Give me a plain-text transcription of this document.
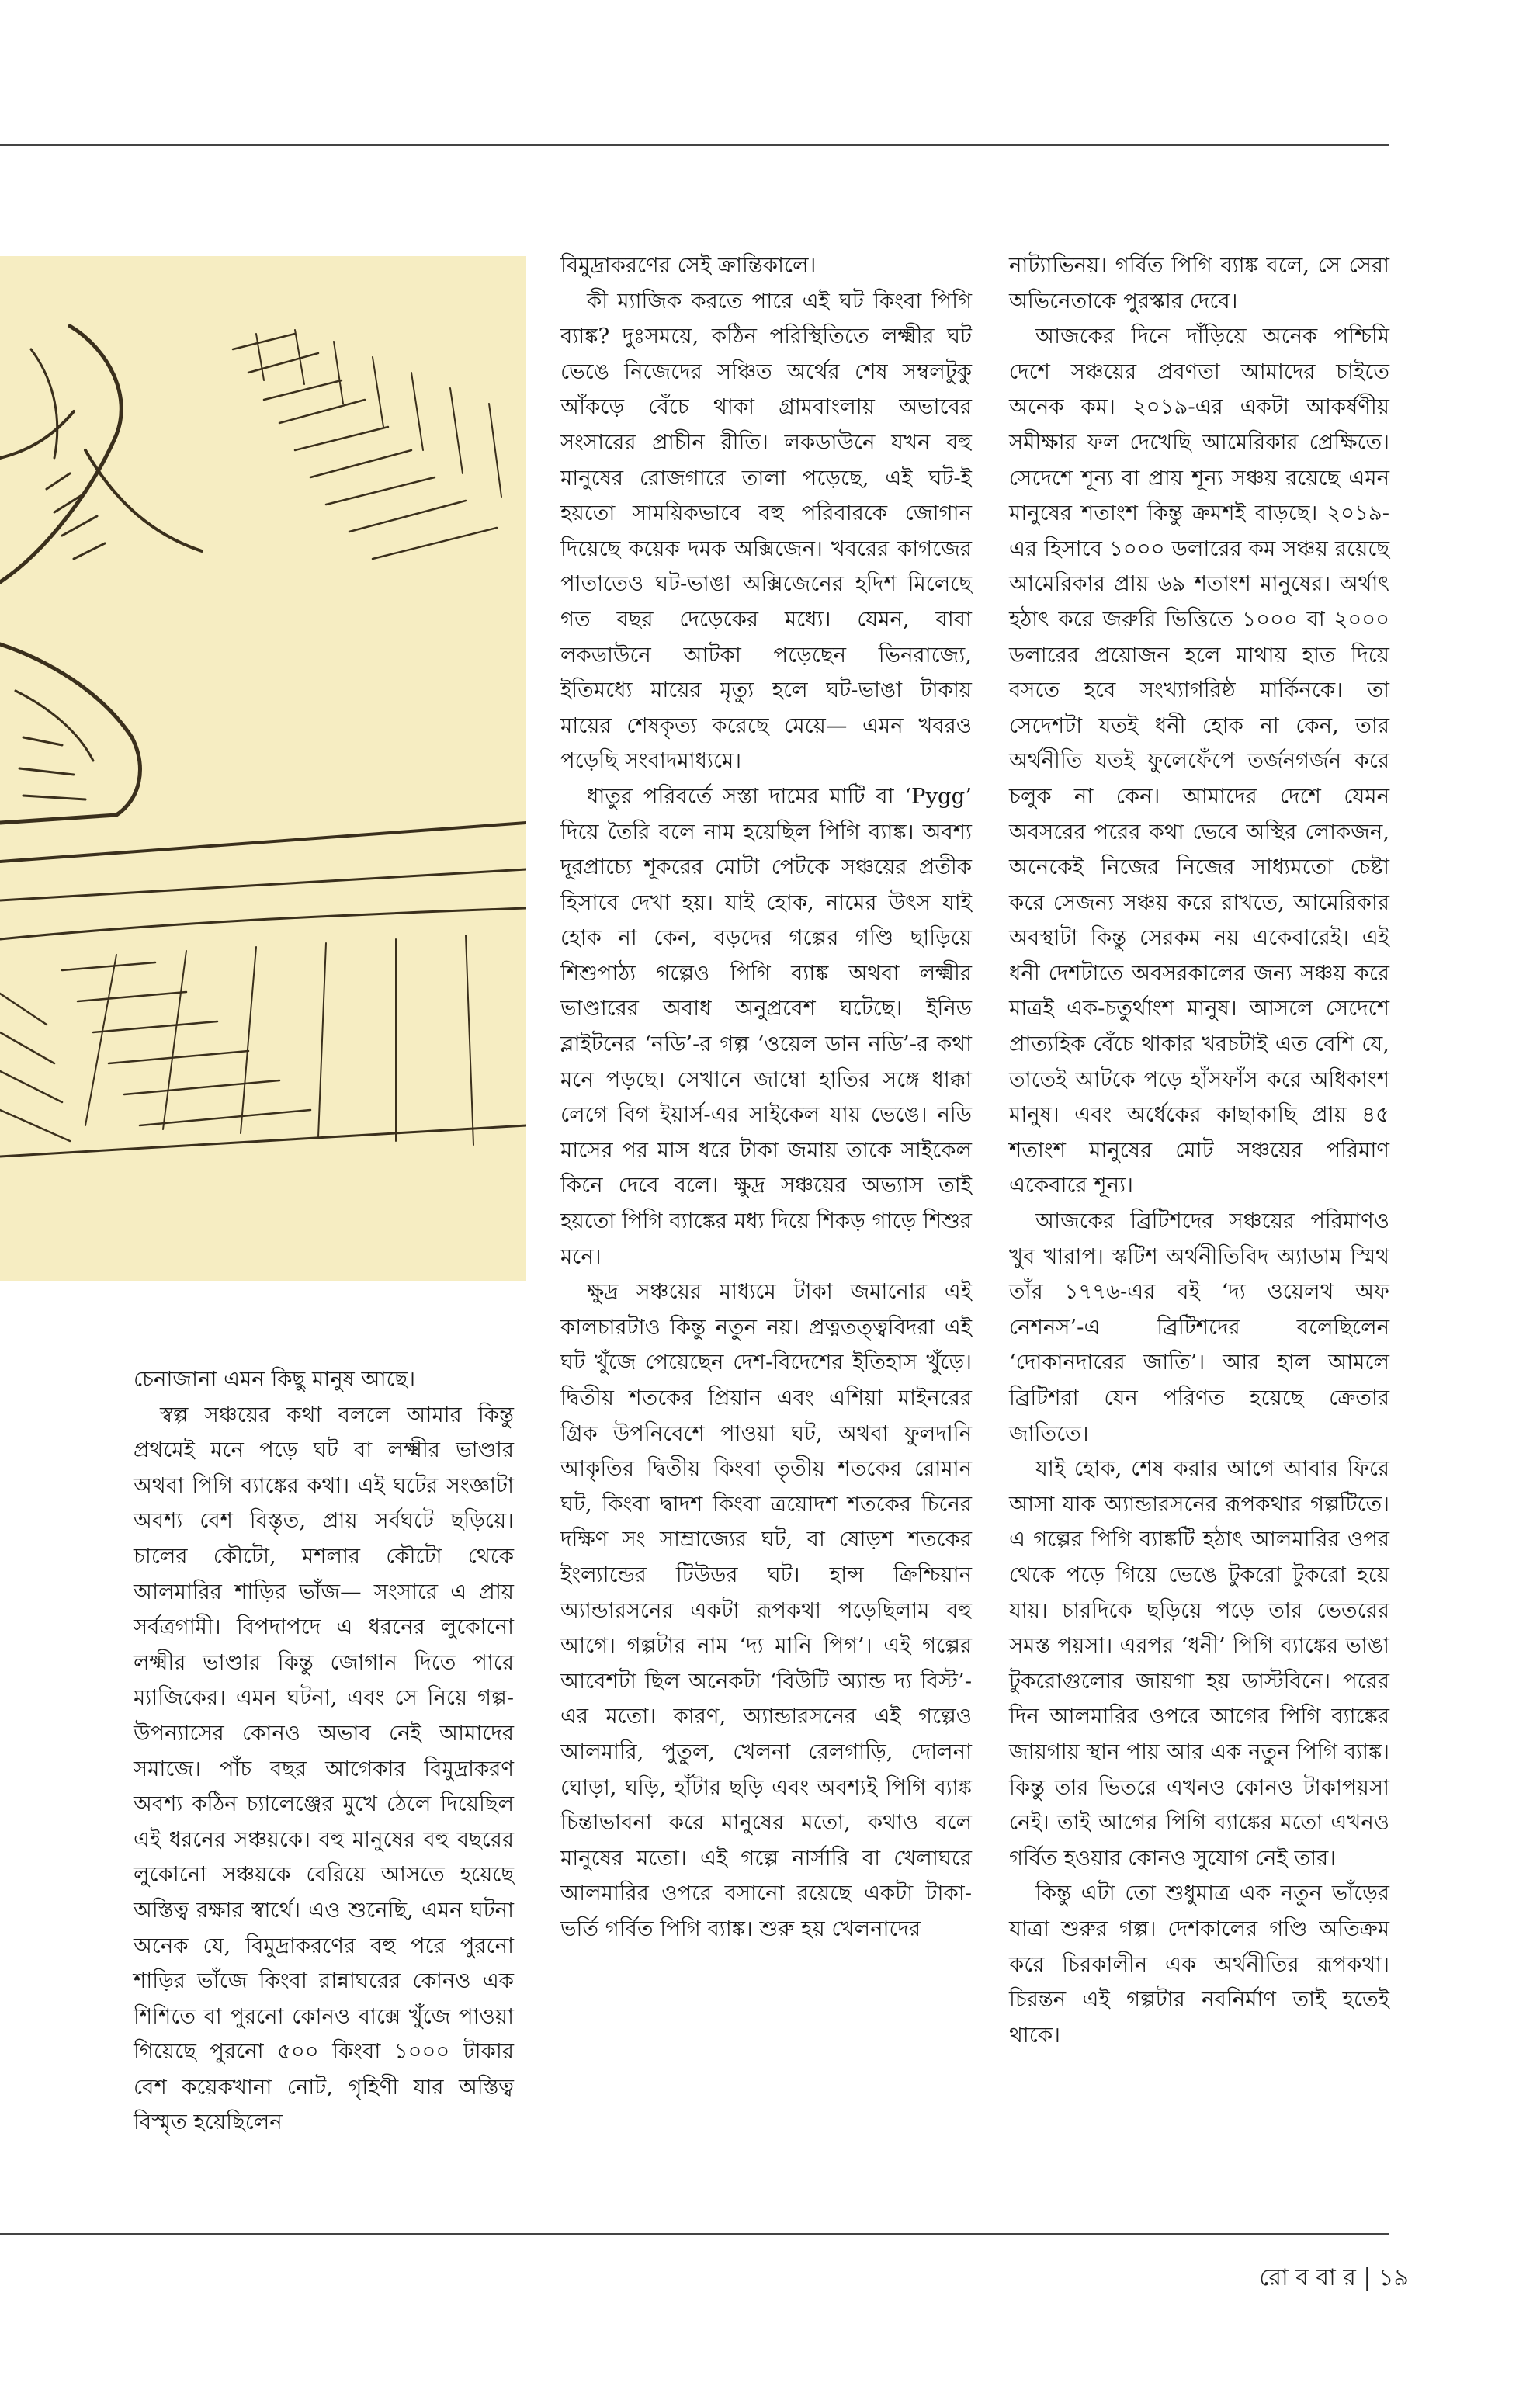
চেনাজানা এমন কিছু মানুষ আছে।

স্বল্প সঞ্চয়ের কথা বললে আমার কিন্তু প্রথমেই মনে পড়ে ঘট বা লক্ষ্মীর ভাণ্ডার অথবা পিগি ব্যাঙ্কের কথা। এই ঘটের সংজ্ঞাটা অবশ্য বেশ বিস্তৃত, প্রায় সর্বঘটে ছড়িয়ে। চালের কৌটো, মশলার কৌটো থেকে আলমারির শাড়ির ভাঁজ— সংসারে এ প্রায় সর্বত্রগামী। বিপদাপদে এ ধরনের লুকোনো লক্ষ্মীর ভাণ্ডার কিন্তু জোগান দিতে পারে ম্যাজিকের। এমন ঘটনা, এবং সে নিয়ে গল্প-উপন্যাসের কোনও অভাব নেই আমাদের সমাজে। পাঁচ বছর আগেকার বিমুদ্রাকরণ অবশ্য কঠিন চ্যালেঞ্জের মুখে ঠেলে দিয়েছিল এই ধরনের সঞ্চয়কে। বহু মানুষের বহু বছরের লুকোনো সঞ্চয়কে বেরিয়ে আসতে হয়েছে অস্তিত্ব রক্ষার স্বার্থে। এও শুনেছি, এমন ঘটনা অনেক যে, বিমুদ্রাকরণের বহু পরে পুরনো শাড়ির ভাঁজে কিংবা রান্নাঘরের কোনও এক শিশিতে বা পুরনো কোনও বাক্সে খুঁজে পাওয়া গিয়েছে পুরনো ৫০০ কিংবা ১০০০ টাকার বেশ কয়েকখানা নোট, গৃহিণী যার অস্তিত্ব বিস্মৃত হয়েছিলেন

বিমুদ্রাকরণের সেই ক্রান্তিকালে।

কী ম্যাজিক করতে পারে এই ঘট কিংবা পিগি ব্যাঙ্ক? দুঃসময়ে, কঠিন পরিস্থিতিতে লক্ষ্মীর ঘট ভেঙে নিজেদের সঞ্চিত অর্থের শেষ সম্বলটুকু আঁকড়ে বেঁচে থাকা গ্রামবাংলায় অভাবের সংসারের প্রাচীন রীতি। লকডাউনে যখন বহু মানুষের রোজগারে তালা পড়েছে, এই ঘট-ই হয়তো সাময়িকভাবে বহু পরিবারকে জোগান দিয়েছে কয়েক দমক অক্সিজেন। খবরের কাগজের পাতাতেও ঘট-ভাঙা অক্সিজেনের হদিশ মিলেছে গত বছর দেড়েকের মধ্যে। যেমন, বাবা লকডাউনে আটকা পড়েছেন ভিনরাজ্যে, ইতিমধ্যে মায়ের মৃত্যু হলে ঘট-ভাঙা টাকায় মায়ের শেষকৃত্য করেছে মেয়ে— এমন খবরও পড়েছি সংবাদমাধ্যমে।

ধাতুর পরিবর্তে সস্তা দামের মাটি বা ‘Pygg’ দিয়ে তৈরি বলে নাম হয়েছিল পিগি ব্যাঙ্ক। অবশ্য দূরপ্রাচ্যে শূকরের মোটা পেটকে সঞ্চয়ের প্রতীক হিসাবে দেখা হয়। যাই হোক, নামের উৎস যাই হোক না কেন, বড়দের গল্পের গণ্ডি ছাড়িয়ে শিশুপাঠ্য গল্পেও পিগি ব্যাঙ্ক অথবা লক্ষ্মীর ভাণ্ডারের অবাধ অনুপ্রবেশ ঘটেছে। ইনিড ব্লাইটনের ‘নডি’-র গল্প ‘ওয়েল ডান নডি’-র কথা মনে পড়ছে। সেখানে জাম্বো হাতির সঙ্গে ধাক্কা লেগে বিগ ইয়ার্স-এর সাইকেল যায় ভেঙে। নডি মাসের পর মাস ধরে টাকা জমায় তাকে সাইকেল কিনে দেবে বলে। ক্ষুদ্র সঞ্চয়ের অভ্যাস তাই হয়তো পিগি ব্যাঙ্কের মধ্য দিয়ে শিকড় গাড়ে শিশুর মনে।

ক্ষুদ্র সঞ্চয়ের মাধ্যমে টাকা জমানোর এই কালচারটাও কিন্তু নতুন নয়। প্রত্নতত্ত্ববিদরা এই ঘট খুঁজে পেয়েছেন দেশ-বিদেশের ইতিহাস খুঁড়ে। দ্বিতীয় শতকের প্রিয়ান এবং এশিয়া মাইনরের গ্রিক উপনিবেশে পাওয়া ঘট, অথবা ফুলদানি আকৃতির দ্বিতীয় কিংবা তৃতীয় শতকের রোমান ঘট, কিংবা দ্বাদশ কিংবা ত্রয়োদশ শতকের চিনের দক্ষিণ সং সাম্রাজ্যের ঘট, বা ষোড়শ শতকের ইংল্যান্ডের টিউডর ঘট। হান্স ক্রিশ্চিয়ান অ্যান্ডারসনের একটা রূপকথা পড়েছিলাম বহু আগে। গল্পটার নাম ‘দ্য মানি পিগ’। এই গল্পের আবেশটা ছিল অনেকটা ‘বিউটি অ্যান্ড দ্য বিস্ট’-এর মতো। কারণ, অ্যান্ডারসনের এই গল্পেও আলমারি, পুতুল, খেলনা রেলগাড়ি, দোলনা ঘোড়া, ঘড়ি, হাঁটার ছড়ি এবং অবশ্যই পিগি ব্যাঙ্ক চিন্তাভাবনা করে মানুষের মতো, কথাও বলে মানুষের মতো। এই গল্পে নার্সারি বা খেলাঘরে আলমারির ওপরে বসানো রয়েছে একটা টাকা-ভর্তি গর্বিত পিগি ব্যাঙ্ক। শুরু হয় খেলনাদের

নাট্যাভিনয়। গর্বিত পিগি ব্যাঙ্ক বলে, সে সেরা অভিনেতাকে পুরস্কার দেবে।

আজকের দিনে দাঁড়িয়ে অনেক পশ্চিমি দেশে সঞ্চয়ের প্রবণতা আমাদের চাইতে অনেক কম। ২০১৯-এর একটা আকর্ষণীয় সমীক্ষার ফল দেখেছি আমেরিকার প্রেক্ষিতে। সেদেশে শূন্য বা প্রায় শূন্য সঞ্চয় রয়েছে এমন মানুষের শতাংশ কিন্তু ক্রমশই বাড়ছে। ২০১৯-এর হিসাবে ১০০০ ডলারের কম সঞ্চয় রয়েছে আমেরিকার প্রায় ৬৯ শতাংশ মানুষের। অর্থাৎ হঠাৎ করে জরুরি ভিত্তিতে ১০০০ বা ২০০০ ডলারের প্রয়োজন হলে মাথায় হাত দিয়ে বসতে হবে সংখ্যাগরিষ্ঠ মার্কিনকে। তা সেদেশটা যতই ধনী হোক না কেন, তার অর্থনীতি যতই ফুলেফেঁপে তর্জনগর্জন করে চলুক না কেন। আমাদের দেশে যেমন অবসরের পরের কথা ভেবে অস্থির লোকজন, অনেকেই নিজের নিজের সাধ্যমতো চেষ্টা করে সেজন্য সঞ্চয় করে রাখতে, আমেরিকার অবস্থাটা কিন্তু সেরকম নয় একেবারেই। এই ধনী দেশটাতে অবসরকালের জন্য সঞ্চয় করে মাত্রই এক-চতুর্থাংশ মানুষ। আসলে সেদেশে প্রাত্যহিক বেঁচে থাকার খরচটাই এত বেশি যে, তাতেই আটকে পড়ে হাঁসফাঁস করে অধিকাংশ মানুষ। এবং অর্ধেকের কাছাকাছি প্রায় ৪৫ শতাংশ মানুষের মোট সঞ্চয়ের পরিমাণ একেবারে শূন্য।

আজকের ব্রিটিশদের সঞ্চয়ের পরিমাণও খুব খারাপ। স্কটিশ অর্থনীতিবিদ অ্যাডাম স্মিথ তাঁর ১৭৭৬-এর বই ‘দ্য ওয়েলথ অফ নেশনস’-এ ব্রিটিশদের বলেছিলেন ‘দোকানদারের জাতি’। আর হাল আমলে ব্রিটিশরা যেন পরিণত হয়েছে ক্রেতার জাতিতে।

যাই হোক, শেষ করার আগে আবার ফিরে আসা যাক অ্যান্ডারসনের রূপকথার গল্পটিতে। এ গল্পের পিগি ব্যাঙ্কটি হঠাৎ আলমারির ওপর থেকে পড়ে গিয়ে ভেঙে টুকরো টুকরো হয়ে যায়। চারদিকে ছড়িয়ে পড়ে তার ভেতরের সমস্ত পয়সা। এরপর ‘ধনী’ পিগি ব্যাঙ্কের ভাঙা টুকরোগুলোর জায়গা হয় ডাস্টবিনে। পরের দিন আলমারির ওপরে আগের পিগি ব্যাঙ্কের জায়গায় স্থান পায় আর এক নতুন পিগি ব্যাঙ্ক। কিন্তু তার ভিতরে এখনও কোনও টাকাপয়সা নেই। তাই আগের পিগি ব্যাঙ্কের মতো এখনও গর্বিত হওয়ার কোনও সুযোগ নেই তার।

কিন্তু এটা তো শুধুমাত্র এক নতুন ভাঁড়ের যাত্রা শুরুর গল্প। দেশকালের গণ্ডি অতিক্রম করে চিরকালীন এক অর্থনীতির রূপকথা। চিরন্তন এই গল্পটার নবনির্মাণ তাই হতেই থাকে।

রো ব বা র | ১৯
